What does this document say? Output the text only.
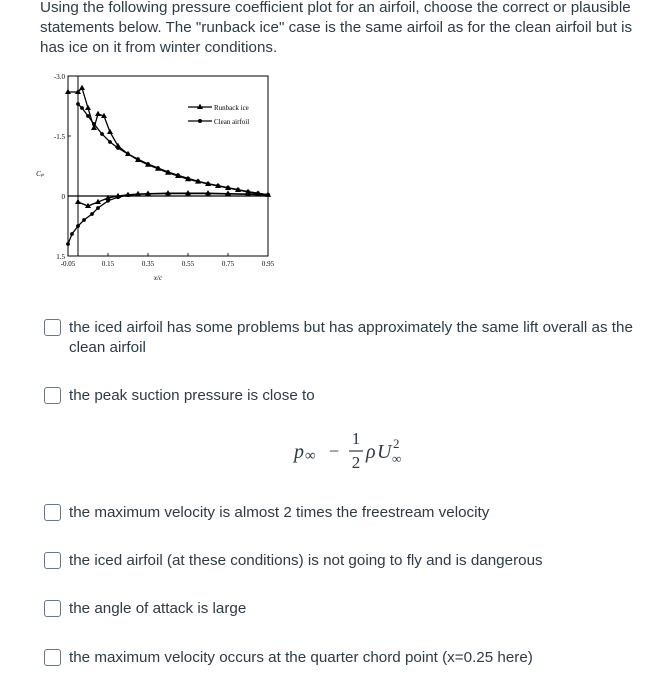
Using the following pressure coefficient plot for an airfoil, choose the correct or plausible statements below. The "runback ice" case is the same airfoil as for the clean airfoil but is has ice on it from winter conditions.
-0.05	0.15	0.35	0.55	0.75	0.95
-3.0
-1.5
0
1.5
x/c
Cₚ
Runback ice
Clean airfoil
the iced airfoil has some problems but has approximately the same lift overall as the clean airfoil
the peak suction pressure is close to
p ∞ −
1
2 ρ U 2
∞
the maximum velocity is almost 2 times the freestream velocity
the iced airfoil (at these conditions) is not going to fly and is dangerous
the angle of attack is large
the maximum velocity occurs at the quarter chord point (x=0.25 here)
